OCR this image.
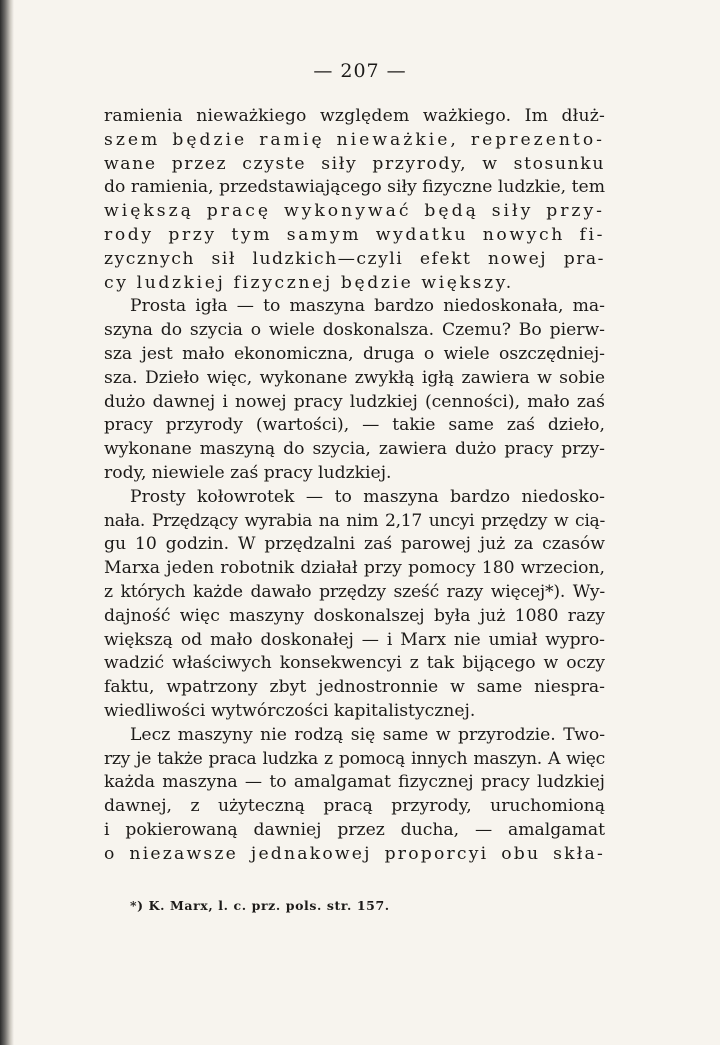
— 207 —
ramienia nieważkiego względem ważkiego. Im dłuż-
szem będzie ramię nieważkie, reprezento-
wane przez czyste siły przyrody, w stosunku
do ramienia, przedstawiającego siły fizyczne ludzkie, tem
większą pracę wykonywać będą siły przy-
rody przy tym samym wydatku nowych fi-
zycznych sił ludzkich—czyli efekt nowej pra-
cy ludzkiej fizycznej będzie większy.
Prosta igła — to maszyna bardzo niedoskonała, ma-
szyna do szycia o wiele doskonalsza. Czemu? Bo pierw-
sza jest mało ekonomiczna, druga o wiele oszczędniej-
sza. Dzieło więc, wykonane zwykłą igłą zawiera w sobie
dużo dawnej i nowej pracy ludzkiej (cenności), mało zaś
pracy przyrody (wartości), — takie same zaś dzieło,
wykonane maszyną do szycia, zawiera dużo pracy przy-
rody, niewiele zaś pracy ludzkiej.
Prosty kołowrotek — to maszyna bardzo niedosko-
nała. Przędzący wyrabia na nim 2,17 uncyi przędzy w cią-
gu 10 godzin. W przędzalni zaś parowej już za czasów
Marxa jeden robotnik działał przy pomocy 180 wrzecion,
z których każde dawało przędzy sześć razy więcej*). Wy-
dajność więc maszyny doskonalszej była już 1080 razy
większą od mało doskonałej — i Marx nie umiał wypro-
wadzić właściwych konsekwencyi z tak bijącego w oczy
faktu, wpatrzony zbyt jednostronnie w same niespra-
wiedliwości wytwórczości kapitalistycznej.
Lecz maszyny nie rodzą się same w przyrodzie. Two-
rzy je także praca ludzka z pomocą innych maszyn. A więc
każda maszyna — to amalgamat fizycznej pracy ludzkiej
dawnej, z użyteczną pracą przyrody, uruchomioną
i pokierowaną dawniej przez ducha, — amalgamat
o niezawsze jednakowej proporcyi obu skła-
*) K. Marx, l. c. prz. pols. str. 157.
